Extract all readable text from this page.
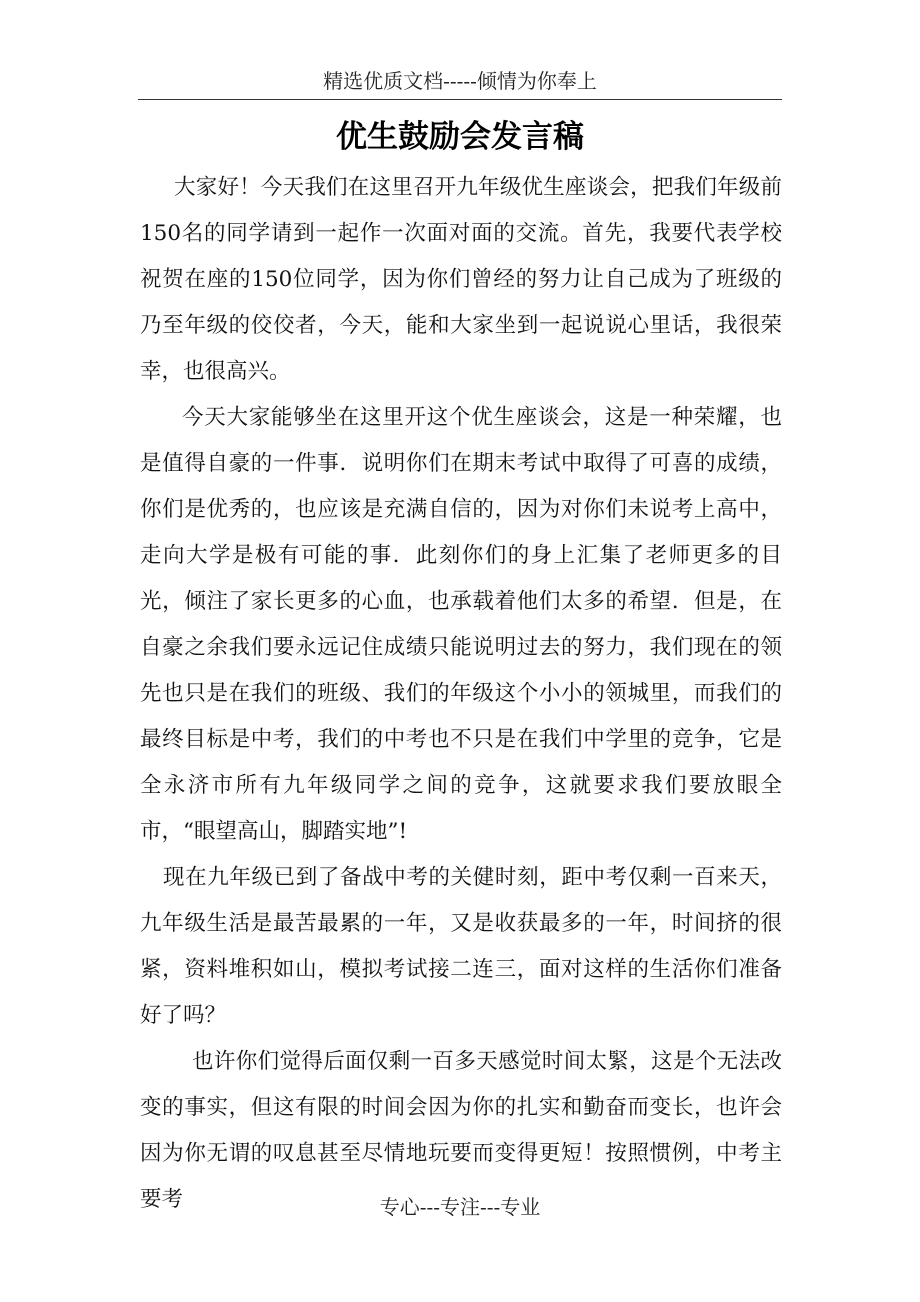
精选优质文档-----倾情为你奉上
优生鼓励会发言稿

大家好！今天我们在这里召开九年级优生座谈会，把我们年级前150名的同学请到一起作一次面对面的交流。首先，我要代表学校祝贺在座的150位同学，因为你们曾经的努力让自己成为了班级的乃至年级的佼佼者，今天，能和大家坐到一起说说心里话，我很荣幸，也很高兴。

今天大家能够坐在这里开这个优生座谈会，这是一种荣耀，也是值得自豪的一件事．说明你们在期末考试中取得了可喜的成绩，你们是优秀的，也应该是充满自信的，因为对你们未说考上高中，走向大学是极有可能的事．此刻你们的身上汇集了老师更多的目光，倾注了家长更多的心血，也承载着他们太多的希望．但是，在自豪之余我们要永远记住成绩只能说明过去的努力，我们现在的领先也只是在我们的班级、我们的年级这个小小的领城里，而我们的最终目标是中考，我们的中考也不只是在我们中学里的竞争，它是全永济市所有九年级同学之间的竞争，这就要求我们要放眼全市，“眼望高山，脚踏实地”!

现在九年级已到了备战中考的关健时刻，距中考仅剩一百来天，九年级生活是最苦最累的一年，又是收获最多的一年，时间挤的很紧，资料堆积如山，模拟考试接二连三，面对这样的生活你们准备好了吗？

也许你们觉得后面仅剩一百多天感觉时间太緊，这是个无法改变的事实，但这有限的时间会因为你的扎实和勤奋而变长，也许会因为你无谓的叹息甚至尽情地玩要而变得更短！按照惯例，中考主要考	专心---专注---专业
